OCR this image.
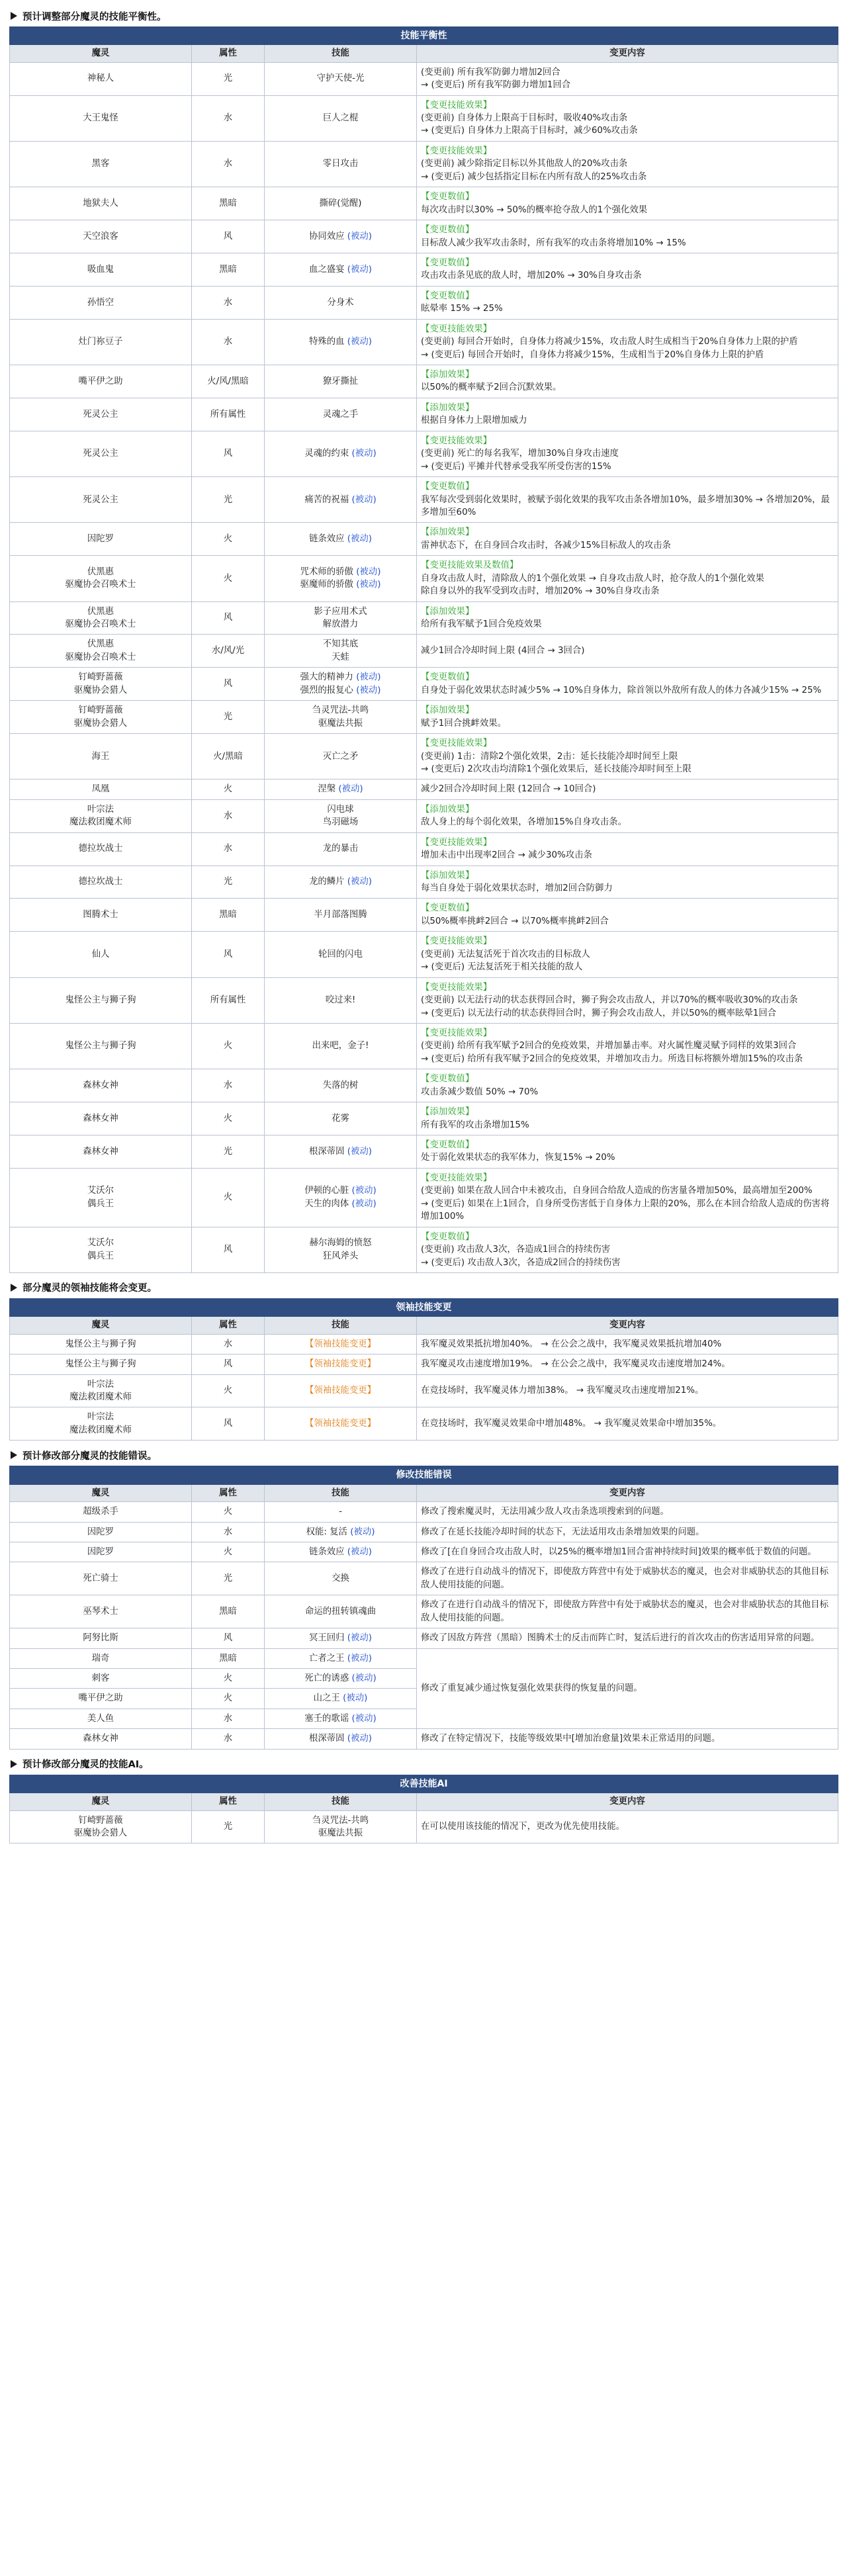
预计调整部分魔灵的技能平衡性。
技能平衡性			
魔灵	属性	技能	变更内容

神秘人	光	守护天使-光	(变更前) 所有我军防御力增加2回合
→ (变更后) 所有我军防御力增加1回合

大王鬼怪	水	巨人之棍	【变更技能效果】
(变更前) 自身体力上限高于目标时，吸收40%攻击条
→ (变更后) 自身体力上限高于目标时，减少60%攻击条

黑客	水	零日攻击	【变更技能效果】
(变更前) 减少除指定目标以外其他敌人的20%攻击条
→ (变更后) 减少包括指定目标在内所有敌人的25%攻击条

地狱夫人	黑暗	撕碎(觉醒)	【变更数值】
每次攻击时以30% → 50%的概率抢夺敌人的1个强化效果

天空浪客	风	协同效应 (被动)	【变更数值】
目标敌人减少我军攻击条时，所有我军的攻击条将增加10% → 15%

吸血鬼	黑暗	血之盛宴 (被动)	【变更数值】
攻击攻击条见底的敌人时，增加20% → 30%自身攻击条

孙悟空	水	分身术	【变更数值】
眩晕率 15% → 25%

灶门祢豆子	水	特殊的血 (被动)	【变更技能效果】
(变更前) 每回合开始时，自身体力将减少15%，攻击敌人时生成相当于20%自身体力上限的护盾
→ (变更后) 每回合开始时，自身体力将减少15%，生成相当于20%自身体力上限的护盾

嘴平伊之助	火/风/黑暗	獠牙撕扯	【添加效果】
以50%的概率赋予2回合沉默效果。

死灵公主	所有属性	灵魂之手	【添加效果】
根据自身体力上限增加威力

死灵公主	风	灵魂的约束 (被动)	【变更技能效果】
(变更前) 死亡的每名我军，增加30%自身攻击速度
→ (变更后) 平摊并代替承受我军所受伤害的15%

死灵公主	光	痛苦的祝福 (被动)	【变更数值】
我军每次受到弱化效果时，被赋予弱化效果的我军攻击条各增加10%，最多增加30% → 各增加20%，最多增加至60%

因陀罗	火	链条效应 (被动)	【添加效果】
雷神状态下，在自身回合攻击时，各减少15%目标敌人的攻击条

伏黑惠
驱魔协会召唤术士	火	咒术师的骄傲 (被动)
驱魔师的骄傲 (被动)	【变更技能效果及数值】
自身攻击敌人时，清除敌人的1个强化效果 → 自身攻击敌人时，抢夺敌人的1个强化效果
除自身以外的我军受到攻击时，增加20% → 30%自身攻击条

伏黑惠
驱魔协会召唤术士	风	影子应用术式
解放潜力	【添加效果】
给所有我军赋予1回合免疫效果

伏黑惠
驱魔协会召唤术士	水/风/光	不知其底
天蛙	减少1回合冷却时间上限 (4回合 → 3回合)

钉崎野蔷薇
驱魔协会猎人	风	强大的精神力 (被动)
强烈的报复心 (被动)	【变更数值】
自身处于弱化效果状态时减少5% → 10%自身体力，除首领以外敌所有敌人的体力各减少15% → 25%

钉崎野蔷薇
驱魔协会猎人	光	刍灵咒法-共鸣
驱魔法共振	【添加效果】
赋予1回合挑衅效果。

海王	火/黑暗	灭亡之矛	【变更技能效果】
(变更前) 1击：清除2个强化效果，2击：延长技能冷却时间至上限
→ (变更后) 2次攻击均清除1个强化效果后，延长技能冷却时间至上限

凤凰	火	涅槃 (被动)	减少2回合冷却时间上限 (12回合 → 10回合)

叶宗法
魔法救团魔术师	水	闪电球
鸟羽磁场	【添加效果】
敌人身上的每个弱化效果，各增加15%自身攻击条。

德拉坎战士	水	龙的暴击	【变更技能效果】
增加未击中出现率2回合 → 减少30%攻击条

德拉坎战士	光	龙的鳞片 (被动)	【添加效果】
每当自身处于弱化效果状态时，增加2回合防御力

图腾术士	黑暗	半月部落图腾	【变更数值】
以50%概率挑衅2回合 → 以70%概率挑衅2回合

仙人	风	轮回的闪电	【变更技能效果】
(变更前) 无法复活死于首次攻击的目标敌人
→ (变更后) 无法复活死于相关技能的敌人

鬼怪公主与狮子狗	所有属性	咬过来!	【变更技能效果】
(变更前) 以无法行动的状态获得回合时，狮子狗会攻击敌人，并以70%的概率吸收30%的攻击条
→ (变更后) 以无法行动的状态获得回合时，狮子狗会攻击敌人，并以50%的概率眩晕1回合

鬼怪公主与狮子狗	火	出来吧，金子!	【变更技能效果】
(变更前) 给所有我军赋予2回合的免疫效果，并增加暴击率。对火属性魔灵赋予同样的效果3回合
→ (变更后) 给所有我军赋予2回合的免疫效果，并增加攻击力。所选目标将额外增加15%的攻击条

森林女神	水	失落的树	【变更数值】
攻击条减少数值 50% → 70%

森林女神	火	花雾	【添加效果】
所有我军的攻击条增加15%

森林女神	光	根深蒂固 (被动)	【变更数值】
处于弱化效果状态的我军体力，恢复15% → 20%

艾沃尔
偶兵王	火	伊顿的心脏 (被动)
天生的肉体 (被动)	【变更技能效果】
(变更前) 如果在敌人回合中未被攻击，自身回合给敌人造成的伤害量各增加50%，最高增加至200%
→ (变更后) 如果在上1回合，自身所受伤害低于自身体力上限的20%，那么在本回合给敌人造成的伤害将增加100%

艾沃尔
偶兵王	风	赫尔海姆的愤怒
狂风斧头	【变更数值】
(变更前) 攻击敌人3次，各造成1回合的持续伤害
→ (变更后) 攻击敌人3次，各造成2回合的持续伤害
部分魔灵的领袖技能将会变更。
领袖技能变更			
魔灵	属性	技能	变更内容

鬼怪公主与狮子狗	水	【领袖技能变更】	我军魔灵效果抵抗增加40%。 → 在公会之战中，我军魔灵效果抵抗增加40%

鬼怪公主与狮子狗	风	【领袖技能变更】	我军魔灵攻击速度增加19%。 → 在公会之战中，我军魔灵攻击速度增加24%。

叶宗法
魔法救团魔术师	火	【领袖技能变更】	在竞技场时，我军魔灵体力增加38%。 → 我军魔灵攻击速度增加21%。

叶宗法
魔法救团魔术师	风	【领袖技能变更】	在竞技场时，我军魔灵效果命中增加48%。 → 我军魔灵效果命中增加35%。
预计修改部分魔灵的技能错误。
修改技能错误			
魔灵	属性	技能	变更内容

超级杀手	火	-	修改了搜索魔灵时，无法用减少敌人攻击条选项搜索到的问题。

因陀罗	水	权能: 复活 (被动)	修改了在延长技能冷却时间的状态下，无法适用攻击条增加效果的问题。

因陀罗	火	链条效应 (被动)	修改了[在自身回合攻击敌人时，以25%的概率增加1回合雷神持续时间]效果的概率低于数值的问题。

死亡骑士	光	交换	修改了在进行自动战斗的情况下，即使敌方阵营中有处于威胁状态的魔灵，也会对非威胁状态的其他目标敌人使用技能的问题。

巫琴术士	黑暗	命运的扭转镇魂曲	修改了在进行自动战斗的情况下，即使敌方阵营中有处于威胁状态的魔灵，也会对非威胁状态的其他目标敌人使用技能的问题。

阿努比斯	风	冥王回归 (被动)	修改了因敌方阵营（黑暗）图腾术士的反击而阵亡时，复活后进行的首次攻击的伤害适用异常的问题。

瑞奇	黑暗	亡者之王 (被动)	修改了重复减少通过恢复强化效果获得的恢复量的问题。

刺客	火	死亡的诱惑 (被动)	

嘴平伊之助	火	山之王 (被动)	

美人鱼	水	塞壬的歌谣 (被动)	

森林女神	水	根深蒂固 (被动)	修改了在特定情况下，技能等级效果中[增加治愈量]效果未正常适用的问题。
预计修改部分魔灵的技能AI。
改善技能AI			
魔灵	属性	技能	变更内容

钉崎野蔷薇
驱魔协会猎人	光	刍灵咒法-共鸣
驱魔法共振	在可以使用该技能的情况下，更改为优先使用技能。
